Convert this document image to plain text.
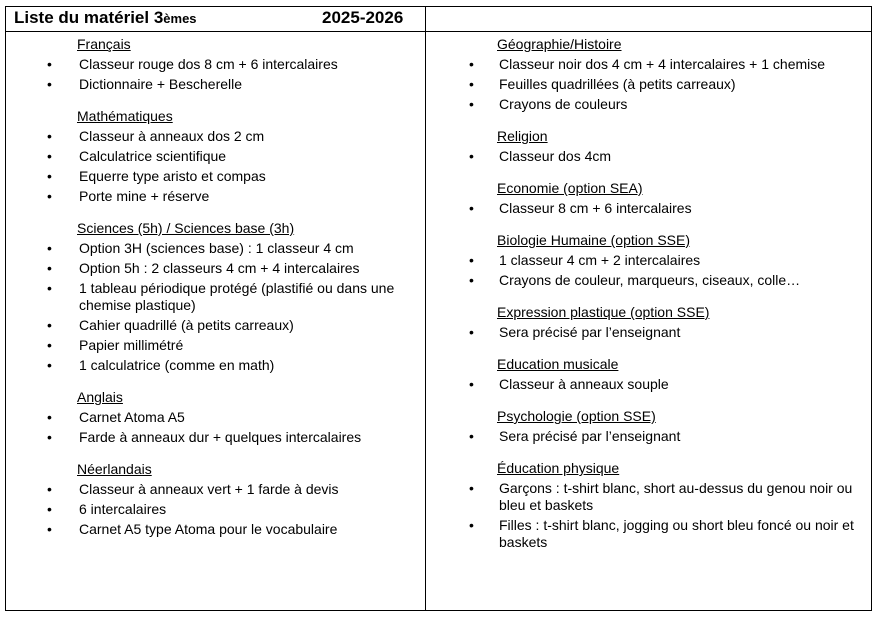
Liste du matériel 3èmes	2025-2026
Français
• Classeur rouge dos 8 cm + 6 intercalaires
• Dictionnaire + Bescherelle
Mathématiques
• Classeur à anneaux dos 2 cm
• Calculatrice scientifique
• Equerre type aristo et compas
• Porte mine + réserve
Sciences (5h) / Sciences base (3h)
• Option 3H (sciences base) : 1 classeur 4 cm
• Option 5h : 2 classeurs 4 cm + 4 intercalaires
• 1 tableau périodique protégé (plastifié ou dans une chemise plastique)
• Cahier quadrillé (à petits carreaux)
• Papier millimétré
• 1 calculatrice (comme en math)
Anglais
• Carnet Atoma A5
• Farde à anneaux dur + quelques intercalaires
Néerlandais
• Classeur à anneaux vert + 1 farde à devis
• 6 intercalaires
• Carnet A5 type Atoma pour le vocabulaire
Géographie/Histoire
• Classeur noir dos 4 cm + 4 intercalaires + 1 chemise
• Feuilles quadrillées (à petits carreaux)
• Crayons de couleurs
Religion
• Classeur dos 4cm
Economie (option SEA)
• Classeur 8 cm + 6 intercalaires
Biologie Humaine (option SSE)
• 1 classeur 4 cm + 2 intercalaires
• Crayons de couleur, marqueurs, ciseaux, colle…
Expression plastique (option SSE)
• Sera précisé par l’enseignant
Education musicale
• Classeur à anneaux souple
Psychologie (option SSE)
• Sera précisé par l’enseignant
Éducation physique
• Garçons : t-shirt blanc, short au-dessus du genou noir ou bleu et baskets
• Filles : t-shirt blanc, jogging ou short bleu foncé ou noir et baskets
